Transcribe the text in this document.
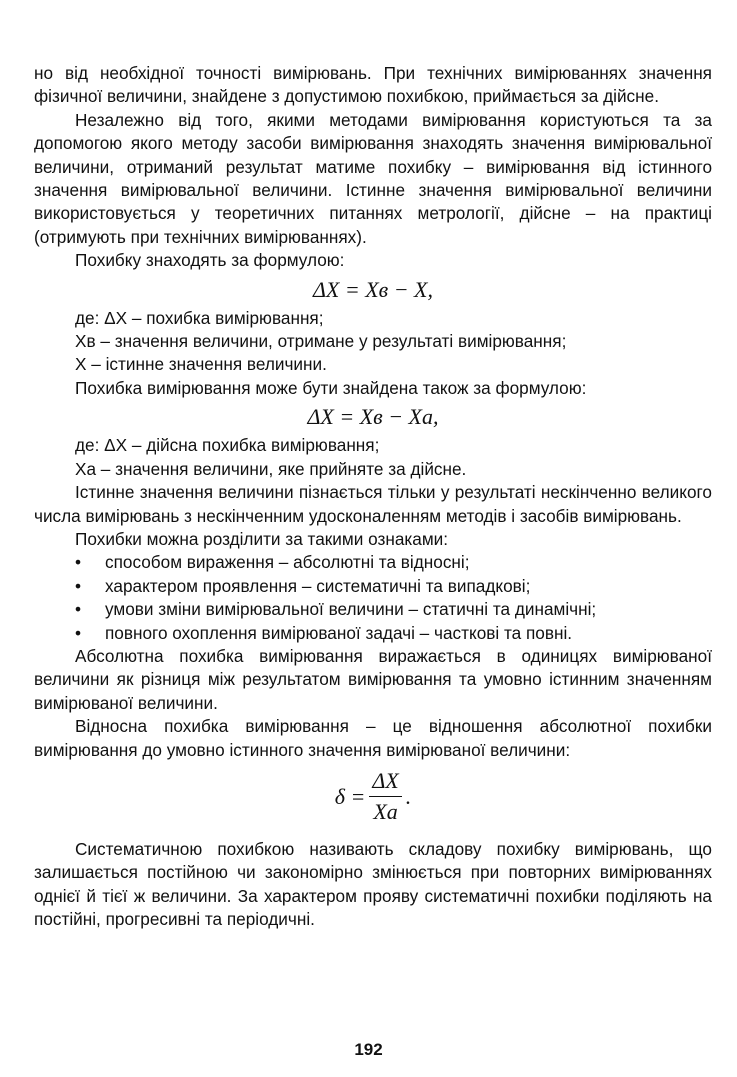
но від необхідної точності вимірювань. При технічних вимірюваннях значення фізичної величини, знайдене з допустимою похибкою, приймається за дійсне.

Незалежно від того, якими методами вимірювання користуються та за допомогою якого методу засоби вимірювання знаходять значення вимірювальної величини, отриманий результат матиме похибку – вимірювання від істинного значення вимірювальної величини. Істинне значення вимірювальної величини використовується у теоретичних питаннях метрології, дійсне – на практиці (отримують при технічних вимірюваннях).

Похибку знаходять за формулою:

ΔX = Xв − X,

де: ΔX – похибка вимірювання;

Хв – значення величини, отримане у результаті вимірювання;

Х – істинне значення величини.

Похибка вимірювання може бути знайдена також за формулою:

ΔX = Xв − Xа,

де: ΔX – дійсна похибка вимірювання;

Ха – значення величини, яке прийняте за дійсне.

Істинне значення величини пізнається тільки у результаті нескінченно великого числа вимірювань з нескінченним удосконаленням методів і засобів вимірювань.

Похибки можна розділити за такими ознаками:

• способом вираження – абсолютні та відносні;
• характером проявлення – систематичні та випадкові;
• умови зміни вимірювальної величини – статичні та динамічні;
• повного охоплення вимірюваної задачі – часткові та повні.

Абсолютна похибка вимірювання виражається в одиницях вимірюваної величини як різниця між результатом вимірювання та умовно істинним значенням вимірюваної величини.

Відносна похибка вимірювання – це відношення абсолютної похибки вимірювання до умовно істинного значення вимірюваної величини:

$\delta = \frac{\Delta X}{Xa}$ .

Систематичною похибкою називають складову похибку вимірювань, що залишається постійною чи закономірно змінюється при повторних вимірюваннях однієї й тієї ж величини. За характером прояву систематичні похибки поділяють на постійні, прогресивні та періодичні.

192
